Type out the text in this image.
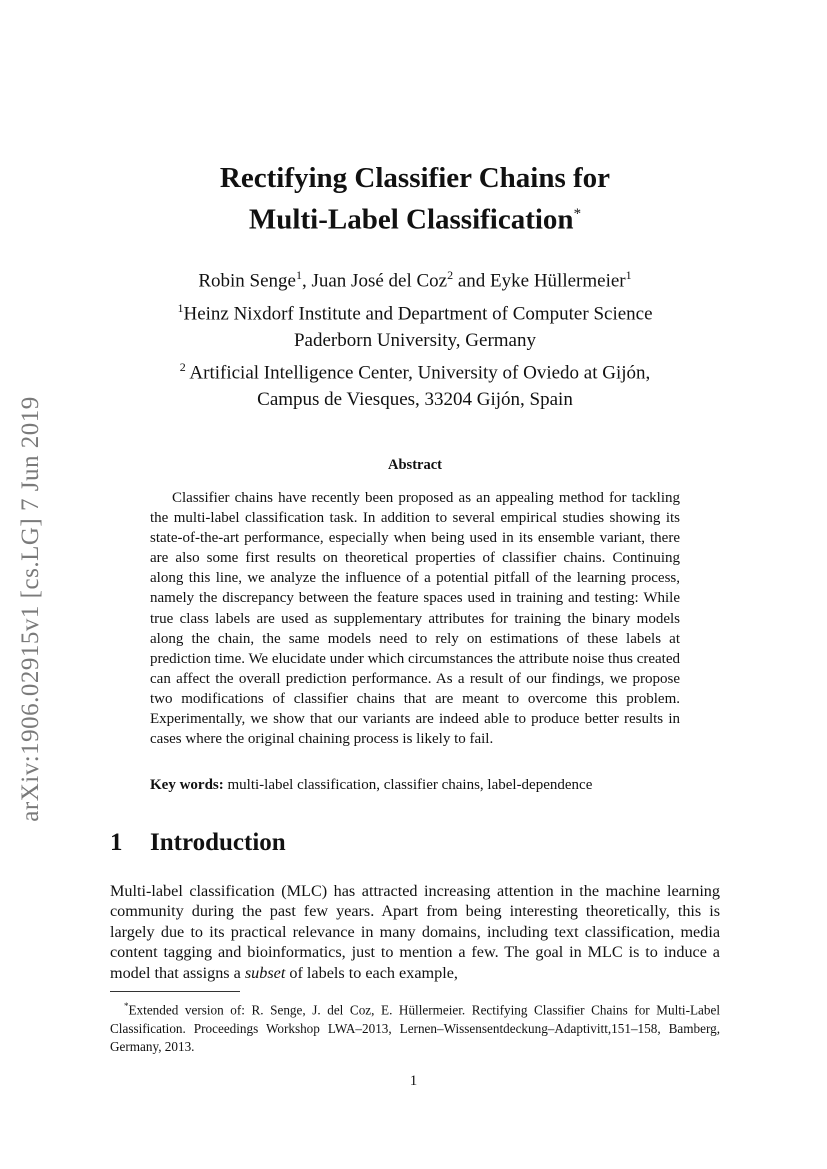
arXiv:1906.02915v1 [cs.LG] 7 Jun 2019
Rectifying Classifier Chains for
Multi-Label Classification*
Robin Senge$^1$, Juan José del Coz$^2$ and Eyke Hüllermeier$^1$
$^1$Heinz Nixdorf Institute and Department of Computer Science
Paderborn University, Germany
$^2$ Artificial Intelligence Center, University of Oviedo at Gijón,
Campus de Viesques, 33204 Gijón, Spain
Abstract

Classifier chains have recently been proposed as an appealing method for tackling the multi-label classification task. In addition to several empirical studies showing its state-of-the-art performance, especially when being used in its ensemble variant, there are also some first results on theoretical properties of classifier chains. Continuing along this line, we analyze the influence of a potential pitfall of the learning process, namely the discrepancy between the feature spaces used in training and testing: While true class labels are used as supplementary attributes for training the binary models along the chain, the same models need to rely on estimations of these labels at prediction time. We elucidate under which circumstances the attribute noise thus created can affect the overall prediction performance. As a result of our findings, we propose two modifications of classifier chains that are meant to overcome this problem. Experimentally, we show that our variants are indeed able to produce better results in cases where the original chaining process is likely to fail.

Key words: multi-label classification, classifier chains, label-dependence
1 Introduction

Multi-label classification (MLC) has attracted increasing attention in the machine learning community during the past few years. Apart from being interesting theoretically, this is largely due to its practical relevance in many domains, including text classification, media content tagging and bioinformatics, just to mention a few. The goal in MLC is to induce a model that assigns a subset of labels to each example,

*Extended version of: R. Senge, J. del Coz, E. Hüllermeier. Rectifying Classifier Chains for Multi-Label Classification. Proceedings Workshop LWA–2013, Lernen–Wissensentdeckung–Adaptivitt,151–158, Bamberg, Germany, 2013.

1
